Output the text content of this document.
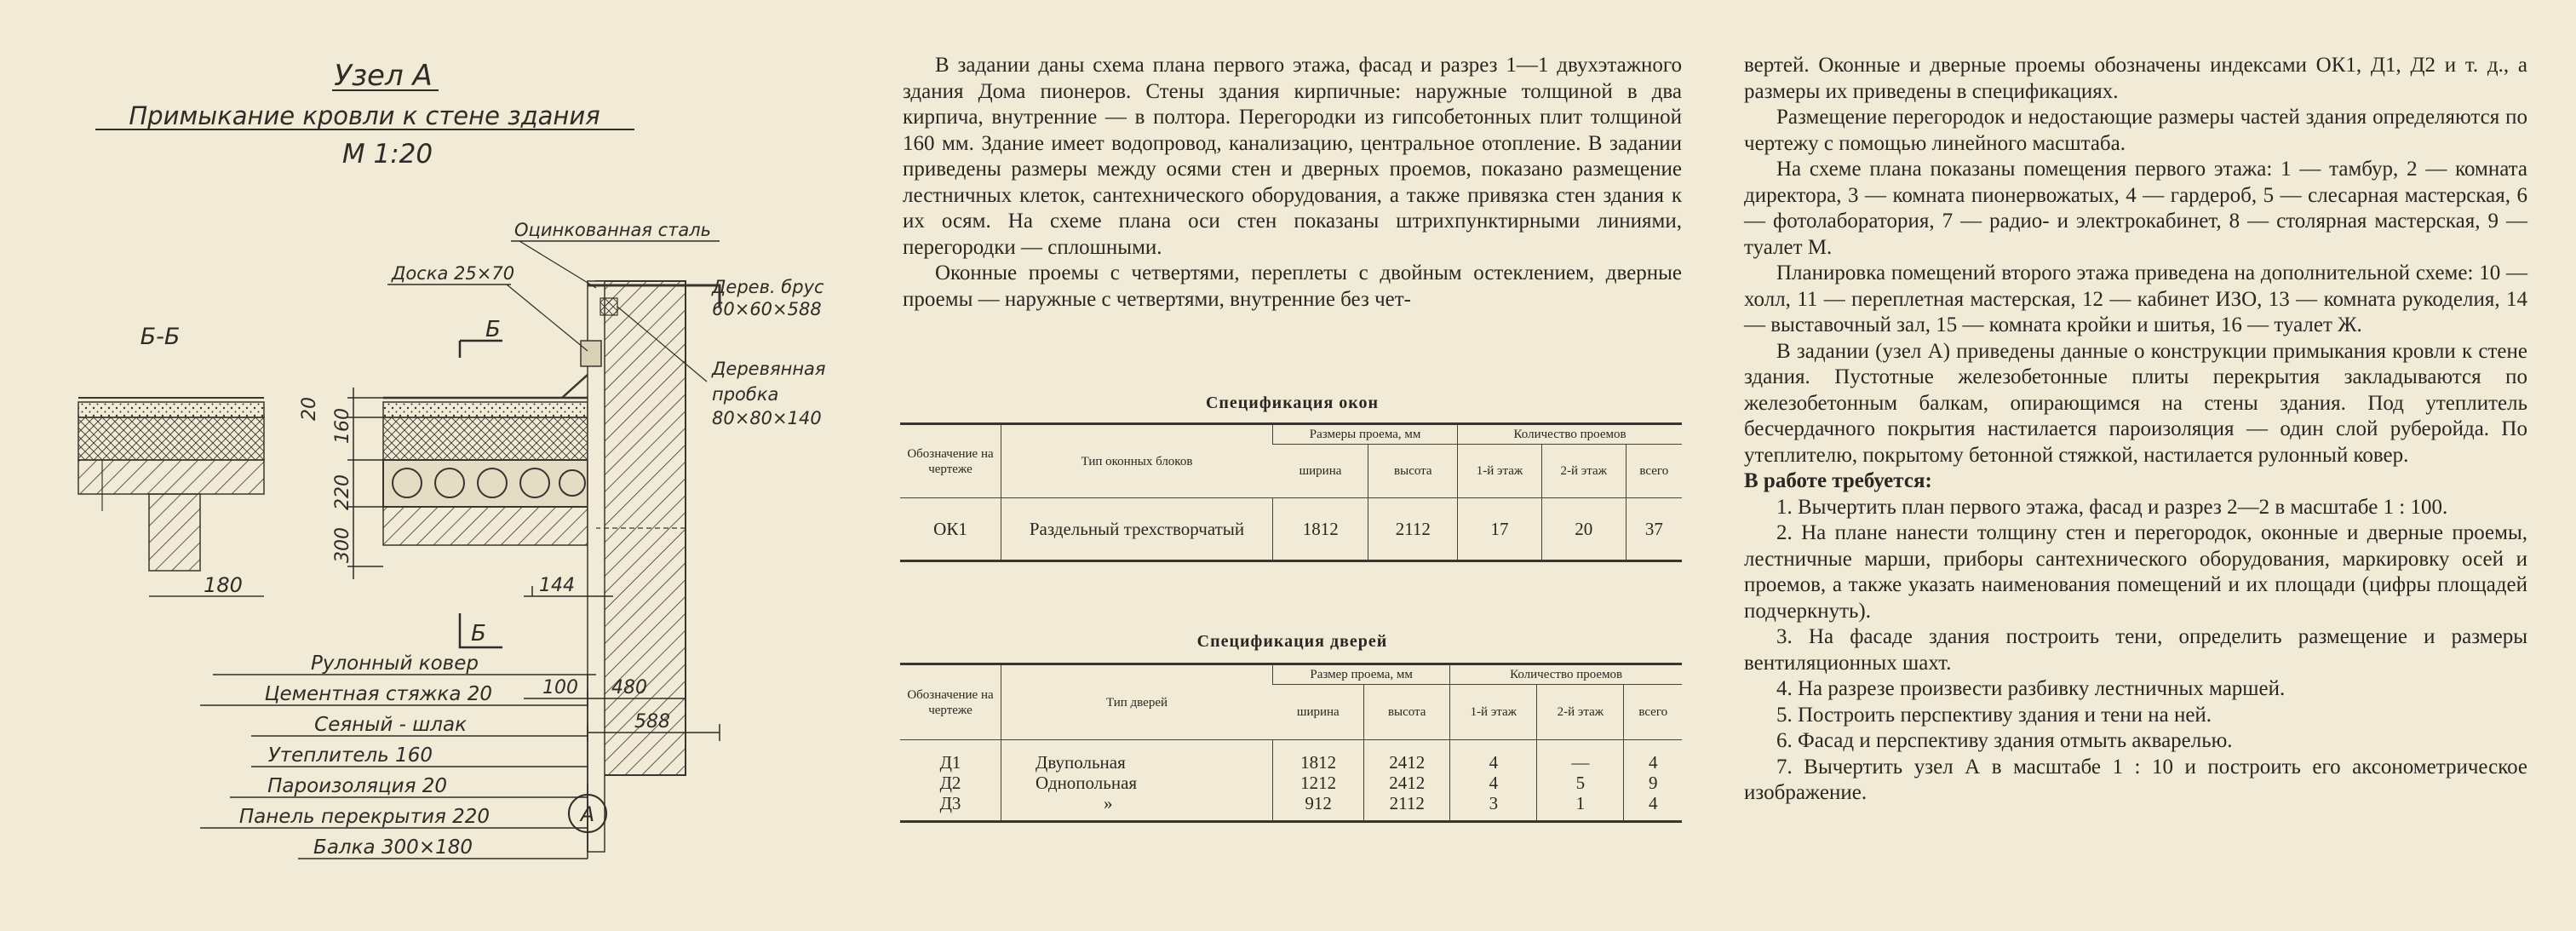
Узел А
Примыкание кровли к стене здания
М 1:20
Б-Б
180
Оцинкованная сталь
Доска 25×70
Дерев. брус
60×60×588
Деревянная
пробка
80×80×140
Б
Б
160
20
220
300
144
100 480
588
А
Рулонный ковер
Цементная стяжка 20
Сеяный - шлак
Утеплитель 160
Пароизоляция 20
Панель перекрытия 220
Балка 300×180

В задании даны схема плана первого этажа, фасад и разрез 1—1 двухэтажного здания Дома пионеров. Стены здания кирпичные: наружные толщиной в два кирпича, внутренние — в полтора. Перегородки из гипсобетонных плит толщиной 160 мм. Здание имеет водопровод, канализацию, центральное отопление. В задании приведены размеры между осями стен и дверных проемов, показано размещение лестничных клеток, сантехнического оборудования, а также привязка стен здания к их осям. На схеме плана оси стен показаны штрихпунктирными линиями, перегородки — сплошными.

Оконные проемы с четвертями, переплеты с двойным остеклением, дверные проемы — наружные с четвертями, внутренние без чет-

Спецификация окон
Обозначение на чертеже	Тип оконных блоков	Размеры проема, мм		Количество проемов		
		ширина	высота	1-й этаж	2-й этаж	всего
ОК1	Раздельный трехстворчатый	1812	2112	17	20	37
Спецификация дверей
Обозначение на чертеже	Тип дверей	Размер проема, мм		Количество проемов		
		ширина	высота	1-й этаж	2-й этаж	всего
Д1	Двупольная	1812	2412	4	—	4
Д2	Однопольная	1212	2412	4	5	9
Д3	»	912	2112	3	1	4

вертей. Оконные и дверные проемы обозначены индексами ОК1, Д1, Д2 и т. д., а размеры их приведены в спецификациях.

Размещение перегородок и недостающие размеры частей здания определяются по чертежу с помощью линейного масштаба.

На схеме плана показаны помещения первого этажа: 1 — тамбур, 2 — комната директора, 3 — комната пионервожатых, 4 — гардероб, 5 — слесарная мастерская, 6 — фотолаборатория, 7 — радио- и электрокабинет, 8 — столярная мастерская, 9 — туалет М.

Планировка помещений второго этажа приведена на дополнительной схеме: 10 — холл, 11 — переплетная мастерская, 12 — кабинет ИЗО, 13 — комната рукоделия, 14 — выставочный зал, 15 — комната кройки и шитья, 16 — туалет Ж.

В задании (узел А) приведены данные о конструкции примыкания кровли к стене здания. Пустотные железобетонные плиты перекрытия закладываются по железобетонным балкам, опирающимся на стены здания. Под утеплитель бесчердачного покрытия настилается пароизоляция — один слой руберойда. По утеплителю, покрытому бетонной стяжкой, настилается рулонный ковер.

В работе требуется:

1. Вычертить план первого этажа, фасад и разрез 2—2 в масштабе 1 : 100.

2. На плане нанести толщину стен и перегородок, оконные и дверные проемы, лестничные марши, приборы сантехнического оборудования, маркировку осей и проемов, а также указать наименования помещений и их площади (цифры площадей подчеркнуть).

3. На фасаде здания построить тени, определить размещение и размеры вентиляционных шахт.

4. На разрезе произвести разбивку лестничных маршей.

5. Построить перспективу здания и тени на ней.

6. Фасад и перспективу здания отмыть акварелью.

7. Вычертить узел А в масштабе 1 : 10 и построить его аксонометрическое изображение.
